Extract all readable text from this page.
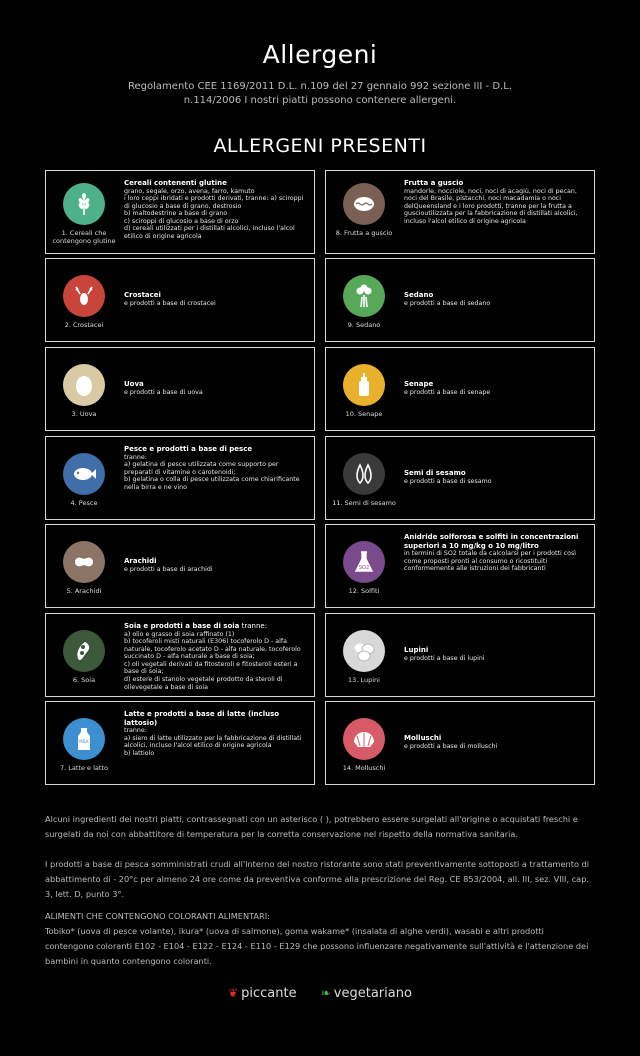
Allergeni
Regolamento CEE 1169/2011 D.L. n.109 del 27 gennaio 992 sezione III - D.L. n.114/2006 I nostri piatti possono contenere allergeni.
ALLERGENI PRESENTI
1. Cereali che contengono glutine
Cereali contenenti glutine
grano, segale, orzo, avena, farro, kamuto
i loro ceppi ibridati e prodotti derivati, tranne: a) sciroppi di glucosio a base di grano, destrosio
b) maltodestrine a base di grano
c) sciroppi di glucosio a base di orzo
d) cereali utilizzati per i distillati alcolici, incluso l'alcol etilico di origine agricola	8. Frutta a guscio
Frutta a guscio
mandorle, nocciole, noci, noci di acagiù, noci di pecan, noci del Brasile, pistacchi, noci macadamia o noci delQueensland e i loro prodotti, tranne per la frutta a guscioutilizzata per la fabbricazione di distillati alcolici, incluso l'alcol etilico di origine agricola
2. Crostacei
Crostacei
e prodotti a base di crostacei
9. Sedano
Sedano
e prodotti a base di sedano
3. Uova
Uova
e prodotti a base di uova
10. Senape
Senape
e prodotti a base di senape
4. Pesce
Pesce e prodotti a base di pesce
tranne:
a) gelatina di pesce utilizzata come supporto per preparati di vitamine o carotenoidi;
b) gelatina o colla di pesce utilizzata come chiarificante nella birra e ne vino
11. Semi di sesamo
Semi di sesamo
e prodotti a base di sesamo
5. Arachidi
Arachidi
e prodotti a base di arachidi	SO2
12. Solfiti
Anidride solforosa e solfiti in concentrazioni superiori a 10 mg/kg o 10 mg/litro
in termini di SO2 totale da calcolarsi per i prodotti così come proposti pronti al consumo o ricostituiti conformemente alle istruzioni dei fabbricanti
6. Soia
Soia e prodotti a base di soia tranne:
a) olio e grasso di soia raffinato (1)
b) tocoferoli misti naturali (E306) tocoferolo D - alfa naturale, tocoferolo acetato D - alfa naturale, tocoferolo succinato D - alfa naturale a base di soia;
c) oli vegetali derivati da fitosteroli e fitosteroli esteri a base di soia;
d) estere di stanolo vegetale prodotto da steroli di olievegetale a base di soia
13. Lupini
Lupini
e prodotti a base di lupini
MILK
7. Latte e latto
Latte e prodotti a base di latte (incluso lattosio)
tranne:
a) siero di latte utilizzato per la fabbricazione di distillati alcolici, incluso l'alcol etilico di origine agricola
b) lattiolo
14. Molluschi
Molluschi
e prodotti a base di molluschi
Alcuni ingredienti dei nostri piatti, contrassegnati con un asterisco ( ), potrebbero essere surgelati all'origine o acquistati freschi e surgelati da noi con abbattitore di temperatura per la corretta conservazione nel rispetto della normativa sanitaria.
I prodotti a base di pesca somministrati crudi all'interno del nostro ristorante sono stati preventivamente sottoposti a trattamento di abbattimento di - 20°c per almeno 24 ore come da preventiva conforme alla prescrizione del Reg. CE 853/2004, all. III, sez. VIII, cap. 3, lett. D, punto 3°.
ALIMENTI CHE CONTENGONO COLORANTI ALIMENTARI:
Tobiko* (uova di pesce volante), ikura* (uova di salmone), goma wakame* (insalata di alghe verdi), wasabi e altri prodotti contengono coloranti E102 - E104 - E122 - E124 - E110 - E129 che possono influenzare negativamente sull'attività e l'attenzione dei bambini in quanto contengono coloranti.
❦ piccante ❧ vegetariano
